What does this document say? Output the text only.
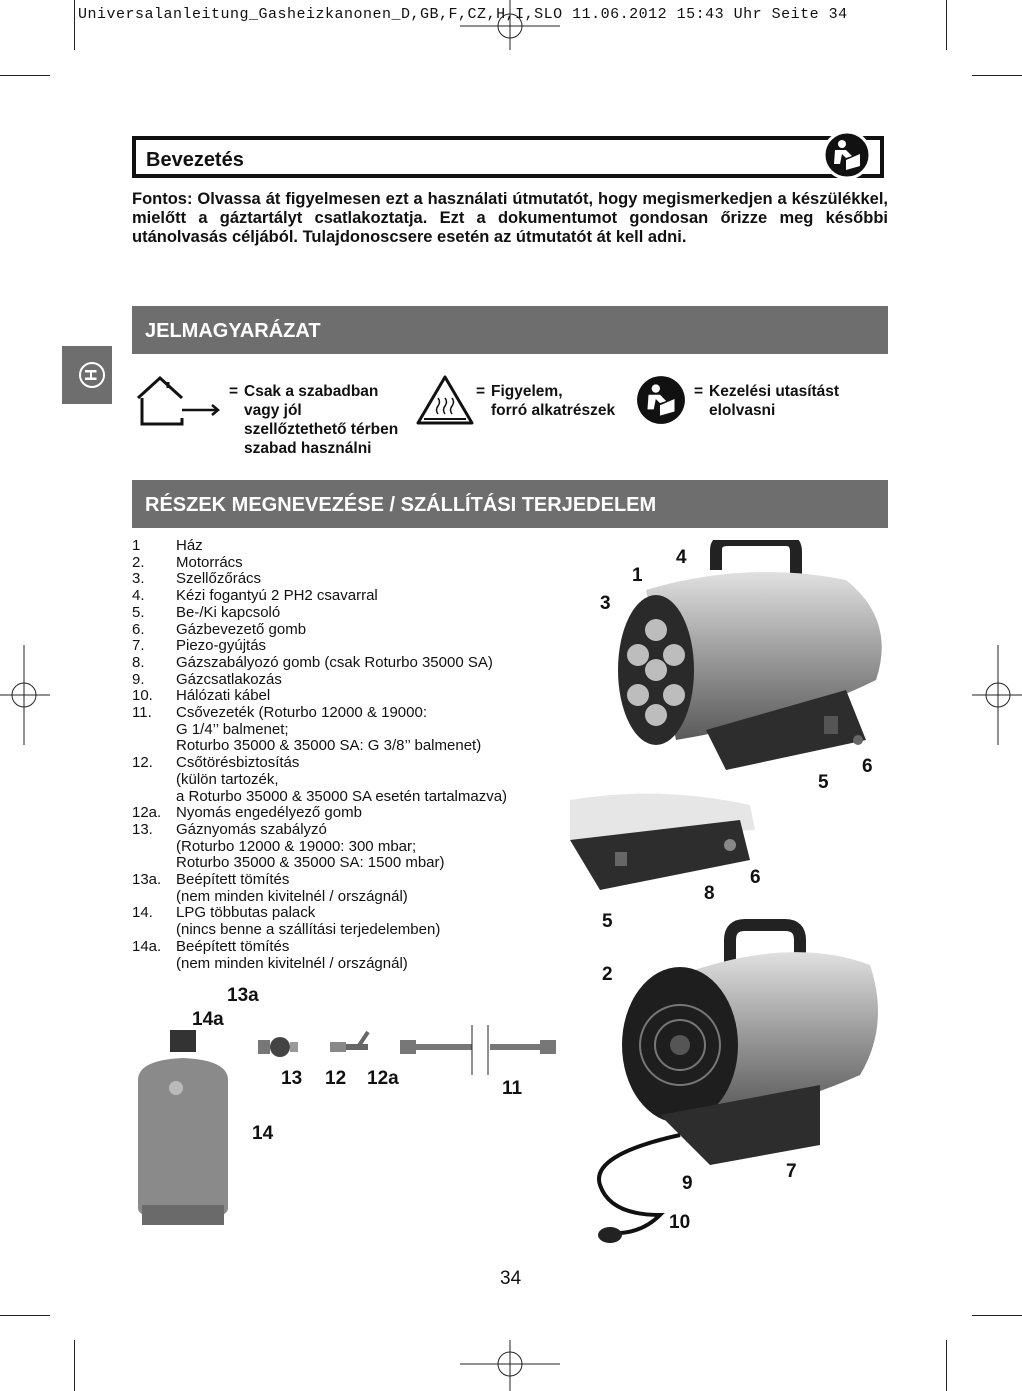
Universalanleitung_Gasheizkanonen_D,GB,F,CZ,H,I,SLO 11.06.2012 15:43 Uhr Seite 34
Bevezetés
Fontos: Olvassa át figyelmesen ezt a használati útmutatót, hogy megismerkedjen a készülékkel, mielőtt a gáztartályt csatlakoztatja. Ezt a dokumentumot gondosan őrizze meg későbbi utánolvasás céljából. Tulajdonoscsere esetén az útmutatót át kell adni.
H
JELMAGYARÁZAT
= Csak a szabadban
vagy jól
szellőztethető térben
szabad használni
= Figyelem,
forró alkatrészek
= Kezelési utasítást
elolvasni
RÉSZEK MEGNEVEZÉSE / SZÁLLÍTÁSI TERJEDELEM
1	Ház
2.	Motorrács
3.	Szellőzőrács
4.	Kézi fogantyú 2 PH2 csavarral
5.	Be-/Ki kapcsoló
6.	Gázbevezető gomb
7.	Piezo-gyújtás
8.	Gázszabályozó gomb (csak Roturbo 35000 SA)
9.	Gázcsatlakozás
10.	Hálózati kábel
11.	Csővezeték (Roturbo 12000 & 19000:
G 1/4’’ balmenet;
Roturbo 35000 & 35000 SA: G 3/8’’ balmenet)
12.	Csőtörésbiztosítás
(külön tartozék,
a Roturbo 35000 & 35000 SA esetén tartalmazva)
12a. Nyomás engedélyező gomb
13.	Gáznyomás szabályzó
(Roturbo 12000 & 19000: 300 mbar;
Roturbo 35000 & 35000 SA: 1500 mbar)
13a. Beépített tömítés
(nem minden kivitelnél / országnál)
14.	LPG többutas palack
(nincs benne a szállítási terjedelemben)
14a. Beépített tömítés
(nem minden kivitelnél / országnál)
1
3
4
5
6
6
8
5
2
7
9
10
11
12 12a
13
13a
14
14a
34
